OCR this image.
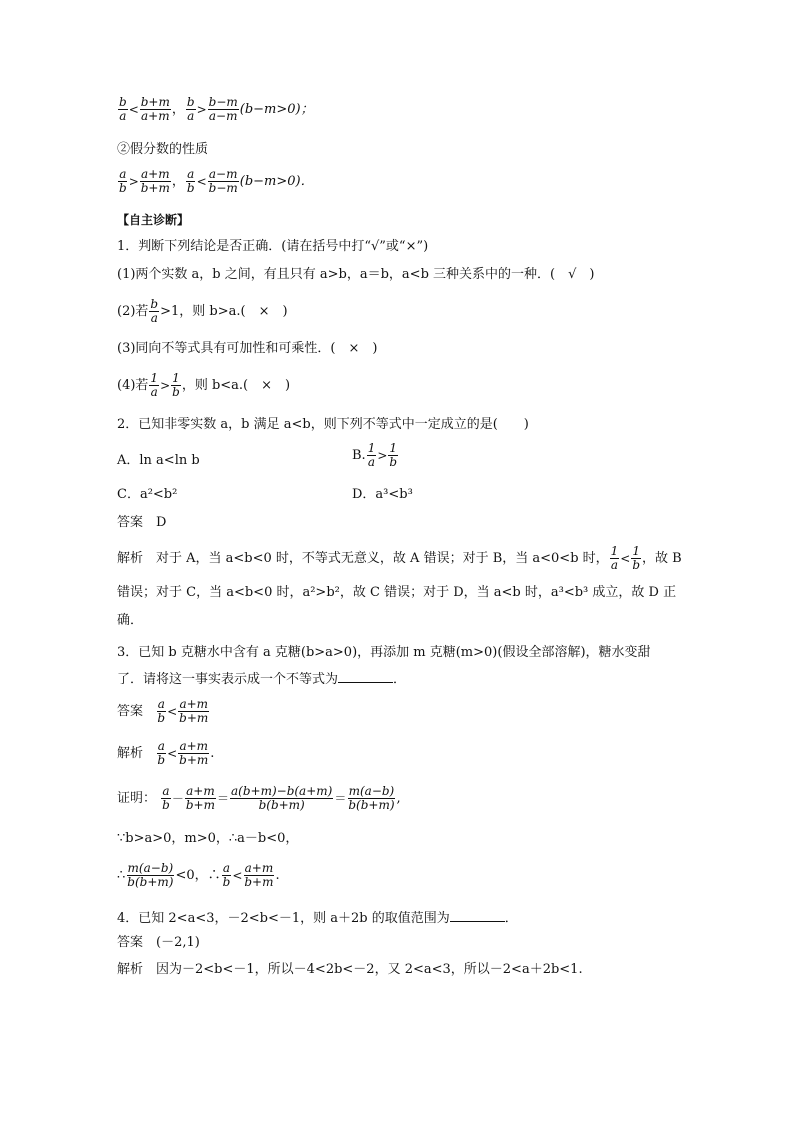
$\frac{b}{a} < \frac{b+m}{a+m}$ ， $\frac{b}{a} > \frac{b-m}{a-m} (b-m>0)$；
②假分数的性质
$\frac{a}{b} > \frac{a+m}{b+m}$ ， $\frac{a}{b} < \frac{a-m}{b-m} (b-m>0)$．
【自主诊断】
1．判断下列结论是否正确．(请在括号中打“√”或“×”)
(1)两个实数 a，b 之间，有且只有 a>b，a＝b，a<b 三种关系中的一种．(　√　)
(2)若 $\frac{b}{a} >1$，则 b>a.(　×　)
(3)同向不等式具有可加性和可乘性．(　×　)
(4)若 $\frac{1}{a} > \frac{1}{b}$ ，则 b<a.(　×　)
2．已知非零实数 a，b 满足 a<b，则下列不等式中一定成立的是(　　)
A．ln a<ln b	B. $\frac{1}{a} > \frac{1}{b}$
C．a²<b²	D．a³<b³
答案　D
解析　对于 A，当 a<b<0 时，不等式无意义，故 A 错误；对于 B，当 a<0<b 时， $\frac{1}{a} < \frac{1}{b}$ ，故 B
错误；对于 C，当 a<b<0 时，a²>b²，故 C 错误；对于 D，当 a<b 时，a³<b³ 成立，故 D 正
确．
3．已知 b 克糖水中含有 a 克糖(b>a>0)，再添加 m 克糖(m>0)(假设全部溶解)，糖水变甜
了．请将这一事实表示成一个不等式为	．
答案 $\frac{a}{b} < \frac{a+m}{b+m}$
解析 $\frac{a}{b} < \frac{a+m}{b+m}$ .
证明： $\frac{a}{b} - \frac{a+m}{b+m} = \frac{a(b+m)-b(a+m)}{b(b+m)} = \frac{m(a-b)}{b(b+m)}$ ,
∵b>a>0，m>0，∴a－b<0，
∴ $\frac{m(a-b)}{b(b+m)} <0$，∴ $\frac{a}{b} < \frac{a+m}{b+m}$ .
4．已知 2<a<3，－2<b<－1，则 a＋2b 的取值范围为	．
答案　(－2,1)
解析　因为－2<b<－1，所以－4<2b<－2，又 2<a<3，所以－2<a＋2b<1.
